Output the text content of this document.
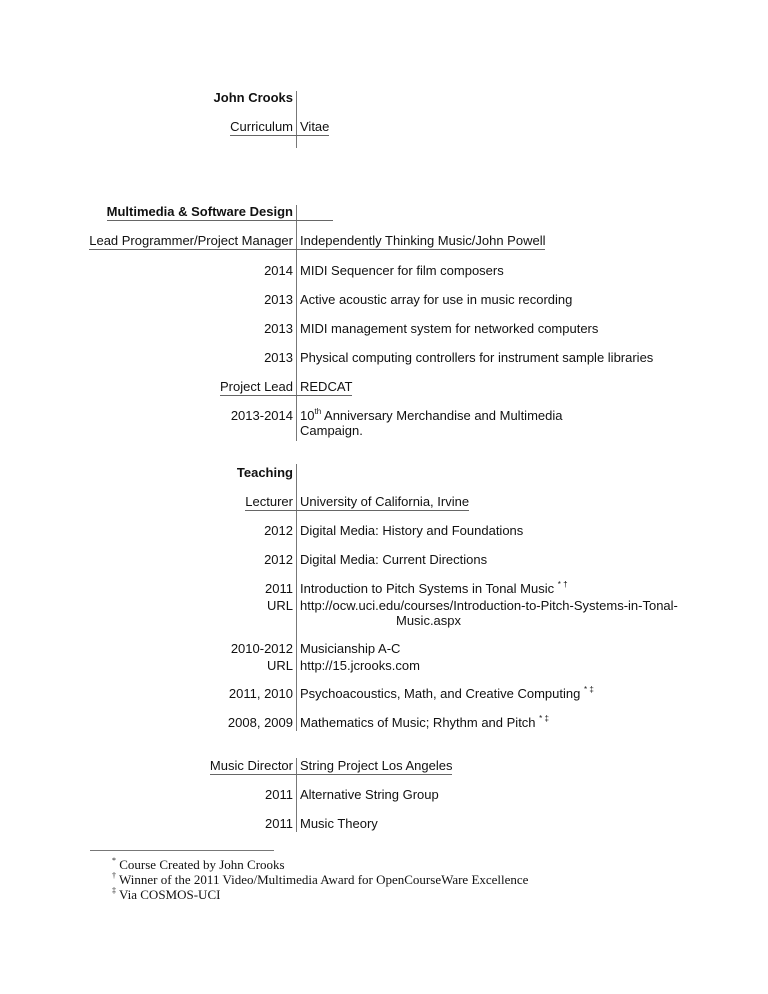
John Crooks
Curriculum Vitae
Multimedia & Software Design
Lead Programmer/Project Manager Independently Thinking Music/John Powell
2014 MIDI Sequencer for film composers
2013 Active acoustic array for use in music recording
2013 MIDI management system for networked computers
2013 Physical computing controllers for instrument sample libraries
Project Lead REDCAT
2013-2014 10th Anniversary Merchandise and Multimedia
Campaign.
Teaching
Lecturer University of California, Irvine
2012 Digital Media: History and Foundations
2012 Digital Media: Current Directions
2011 Introduction to Pitch Systems in Tonal Music * †
URL http://ocw.uci.edu/courses/Introduction-to-Pitch-Systems-in-Tonal-
Music.aspx
2010-2012 Musicianship A-C
URL http://15.jcrooks.com
2011, 2010 Psychoacoustics, Math, and Creative Computing * ‡
2008, 2009 Mathematics of Music; Rhythm and Pitch * ‡
Music Director String Project Los Angeles
2011 Alternative String Group
2011 Music Theory
* Course Created by John Crooks
† Winner of the 2011 Video/Multimedia Award for OpenCourseWare Excellence
‡ Via COSMOS-UCI
